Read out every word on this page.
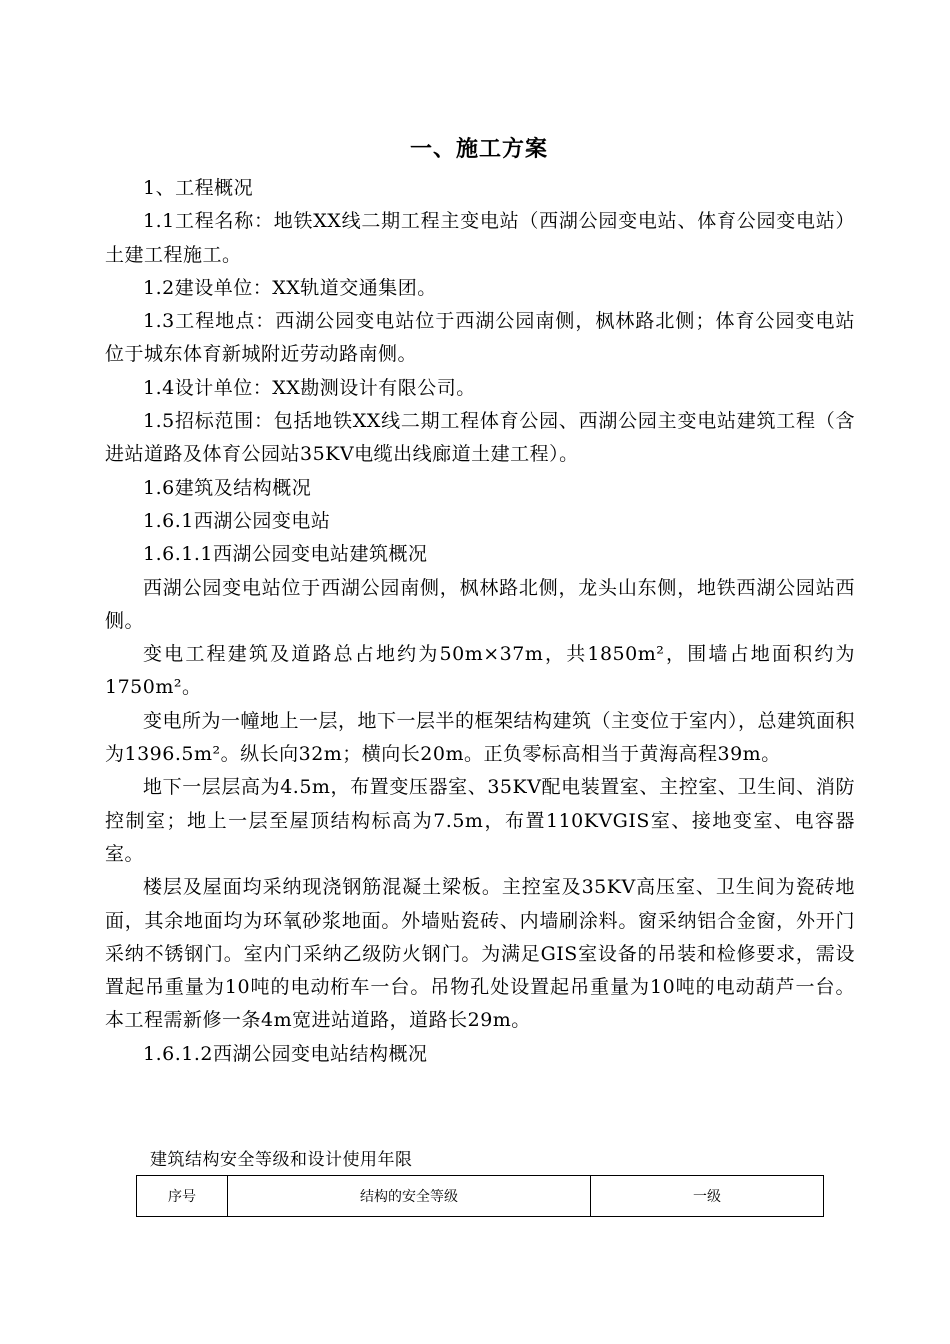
一、施工方案

1、工程概况

1.1工程名称：地铁XX线二期工程主变电站（西湖公园变电站、体育公园变电站）土建工程施工。

1.2建设单位：XX轨道交通集团。

1.3工程地点：西湖公园变电站位于西湖公园南侧，枫林路北侧；体育公园变电站位于城东体育新城附近劳动路南侧。

1.4设计单位：XX勘测设计有限公司。

1.5招标范围：包括地铁XX线二期工程体育公园、西湖公园主变电站建筑工程（含进站道路及体育公园站35KV电缆出线廊道土建工程）。

1.6建筑及结构概况

1.6.1西湖公园变电站

1.6.1.1西湖公园变电站建筑概况

西湖公园变电站位于西湖公园南侧，枫林路北侧，龙头山东侧，地铁西湖公园站西侧。

变电工程建筑及道路总占地约为50m×37m，共1850m²，围墙占地面积约为1750m²。

变电所为一幢地上一层，地下一层半的框架结构建筑（主变位于室内），总建筑面积为1396.5m²。纵长向32m；横向长20m。正负零标高相当于黄海高程39m。

地下一层层高为4.5m，布置变压器室、35KV配电装置室、主控室、卫生间、消防控制室；地上一层至屋顶结构标高为7.5m，布置110KVGIS室、接地变室、电容器室。

楼层及屋面均采纳现浇钢筋混凝土梁板。主控室及35KV高压室、卫生间为瓷砖地面，其余地面均为环氧砂浆地面。外墙贴瓷砖、内墙刷涂料。窗采纳铝合金窗，外开门采纳不锈钢门。室内门采纳乙级防火钢门。为满足GIS室设备的吊装和检修要求，需设置起吊重量为10吨的电动桁车一台。吊物孔处设置起吊重量为10吨的电动葫芦一台。本工程需新修一条4m宽进站道路，道路长29m。

1.6.1.2西湖公园变电站结构概况

建筑结构安全等级和设计使用年限
序号	结构的安全等级	一级
